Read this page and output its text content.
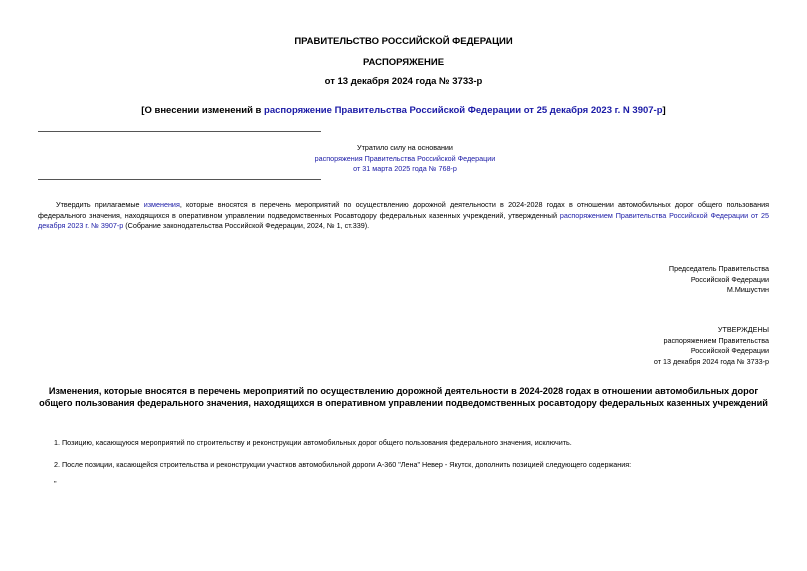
ПРАВИТЕЛЬСТВО РОССИЙСКОЙ ФЕДЕРАЦИИ
РАСПОРЯЖЕНИЕ
от 13 декабря 2024 года № 3733-р
[О внесении изменений в распоряжение Правительства Российской Федерации от 25 декабря 2023 г. N 3907-р]
Утратило силу на основании
распоряжения Правительства Российской Федерации
от 31 марта 2025 года № 768-р
Утвердить прилагаемые изменения, которые вносятся в перечень мероприятий по осуществлению дорожной деятельности в 2024-2028 годах в отношении автомобильных дорог общего пользования федерального значения, находящихся в оперативном управлении подведомственных Росавтодору федеральных казенных учреждений, утвержденный распоряжением Правительства Российской Федерации от 25 декабря 2023 г. № 3907-р (Собрание законодательства Российской Федерации, 2024, № 1, ст.339).
Председатель Правительства
Российской Федерации
М.Мишустин
УТВЕРЖДЕНЫ
распоряжением Правительства
Российской Федерации
от 13 декабря 2024 года № 3733-р
Изменения, которые вносятся в перечень мероприятий по осуществлению дорожной деятельности в 2024-2028 годах в отношении автомобильных дорог общего пользования федерального значения, находящихся в оперативном управлении подведомственных росавтодору федеральных казенных учреждений
1. Позицию, касающуюся мероприятий по строительству и реконструкции автомобильных дорог общего пользования федерального значения, исключить.
2. После позиции, касающейся строительства и реконструкции участков автомобильной дороги А-360 "Лена" Невер - Якутск, дополнить позицией следующего содержания:
"
